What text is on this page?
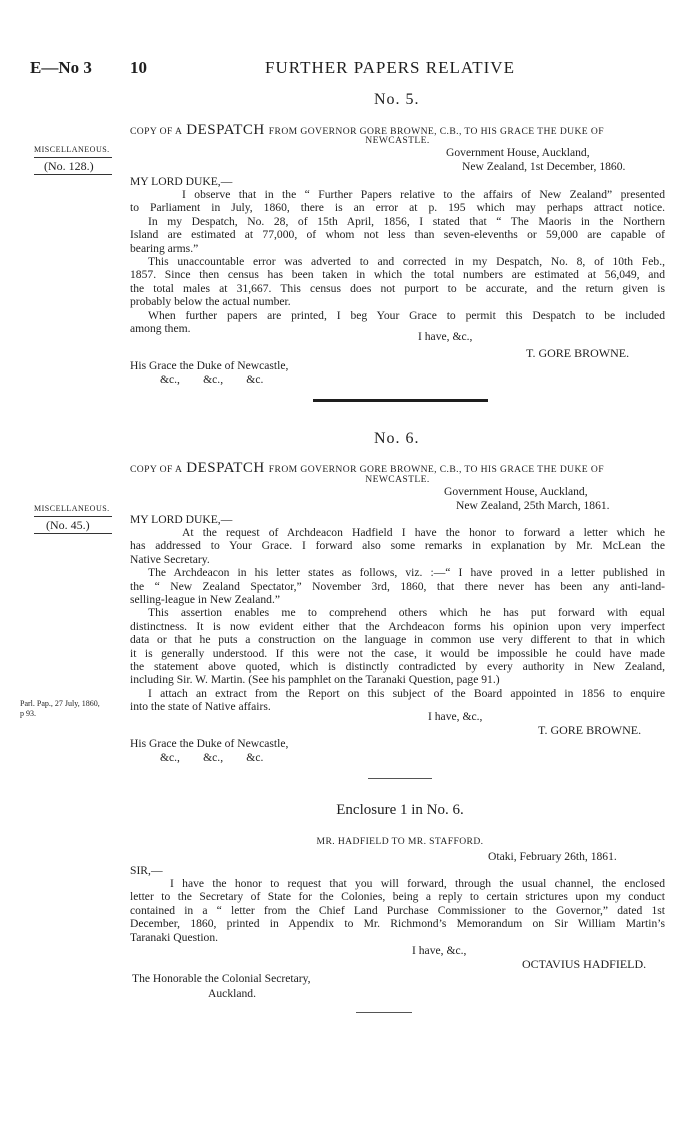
E—No 3 10	FURTHER PAPERS RELATIVE
No. 5.
COPY OF A DESPATCH FROM GOVERNOR GORE BROWNE, C.B., TO HIS GRACE THE DUKE OF
NEWCASTLE.
MISCELLANEOUS.
(No. 128.)
Government House, Auckland,
New Zealand, 1st December, 1860.
MY LORD DUKE,—
I observe that in the “ Further Papers relative to the affairs of New Zealand” presented
to Parliament in July, 1860, there is an error at p. 195 which may perhaps attract notice.
In my Despatch, No. 28, of 15th April, 1856, I stated that “ The Maoris in the Northern
Island are estimated at 77,000, of whom not less than seven-elevenths or 59,000 are capable of
bearing arms.”
This unaccountable error was adverted to and corrected in my Despatch, No. 8, of 10th Feb.,
1857. Since then census has been taken in which the total numbers are estimated at 56,049, and
the total males at 31,667. This census does not purport to be accurate, and the return given is
probably below the actual number.
When further papers are printed, I beg Your Grace to permit this Despatch to be included
among them.
I have, &c.,
T. GORE BROWNE.
His Grace the Duke of Newcastle,
&c.,        &c.,        &c.
No. 6.
COPY OF A DESPATCH FROM GOVERNOR GORE BROWNE, C.B., TO HIS GRACE THE DUKE OF
NEWCASTLE.
Government House, Auckland,
New Zealand, 25th March, 1861.
MISCELLANEOUS.
(No. 45.)	MY LORD DUKE,—
At the request of Archdeacon Hadfield I have the honor to forward a letter which he
has addressed to Your Grace. I forward also some remarks in explanation by Mr. McLean the
Native Secretary.
The Archdeacon in his letter states as follows, viz. :—“ I have proved in a letter published in
the “ New Zealand Spectator,” November 3rd, 1860, that there never has been any anti-land-
selling-league in New Zealand.”
This assertion enables me to comprehend others which he has put forward with equal
distinctness. It is now evident either that the Archdeacon forms his opinion upon very imperfect
data or that he puts a construction on the language in common use very different to that in which
it is generally understood. If this were not the case, it would be impossible he could have made
the statement above quoted, which is distinctly contradicted by every authority in New Zealand,
including Sir. W. Martin. (See his pamphlet on the Taranaki Question, page 91.)
I attach an extract from the Report on this subject of the Board appointed in 1856 to enquire
into the state of Native affairs.
Parl. Pap., 27 July, 1860,
p 93.	I have, &c.,
T. GORE BROWNE.
His Grace the Duke of Newcastle,
&c.,        &c.,        &c.
Enclosure 1 in No. 6.
MR. HADFIELD TO MR. STAFFORD.
Otaki, February 26th, 1861.
SIR,—
I have the honor to request that you will forward, through the usual channel, the enclosed
letter to the Secretary of State for the Colonies, being a reply to certain strictures upon my conduct
contained in a “ letter from the Chief Land Purchase Commissioner to the Governor,” dated 1st
December, 1860, printed in Appendix to Mr. Richmond’s Memorandum on Sir William Martin’s
Taranaki Question.
I have, &c.,
OCTAVIUS HADFIELD.
The Honorable the Colonial Secretary,
Auckland.
